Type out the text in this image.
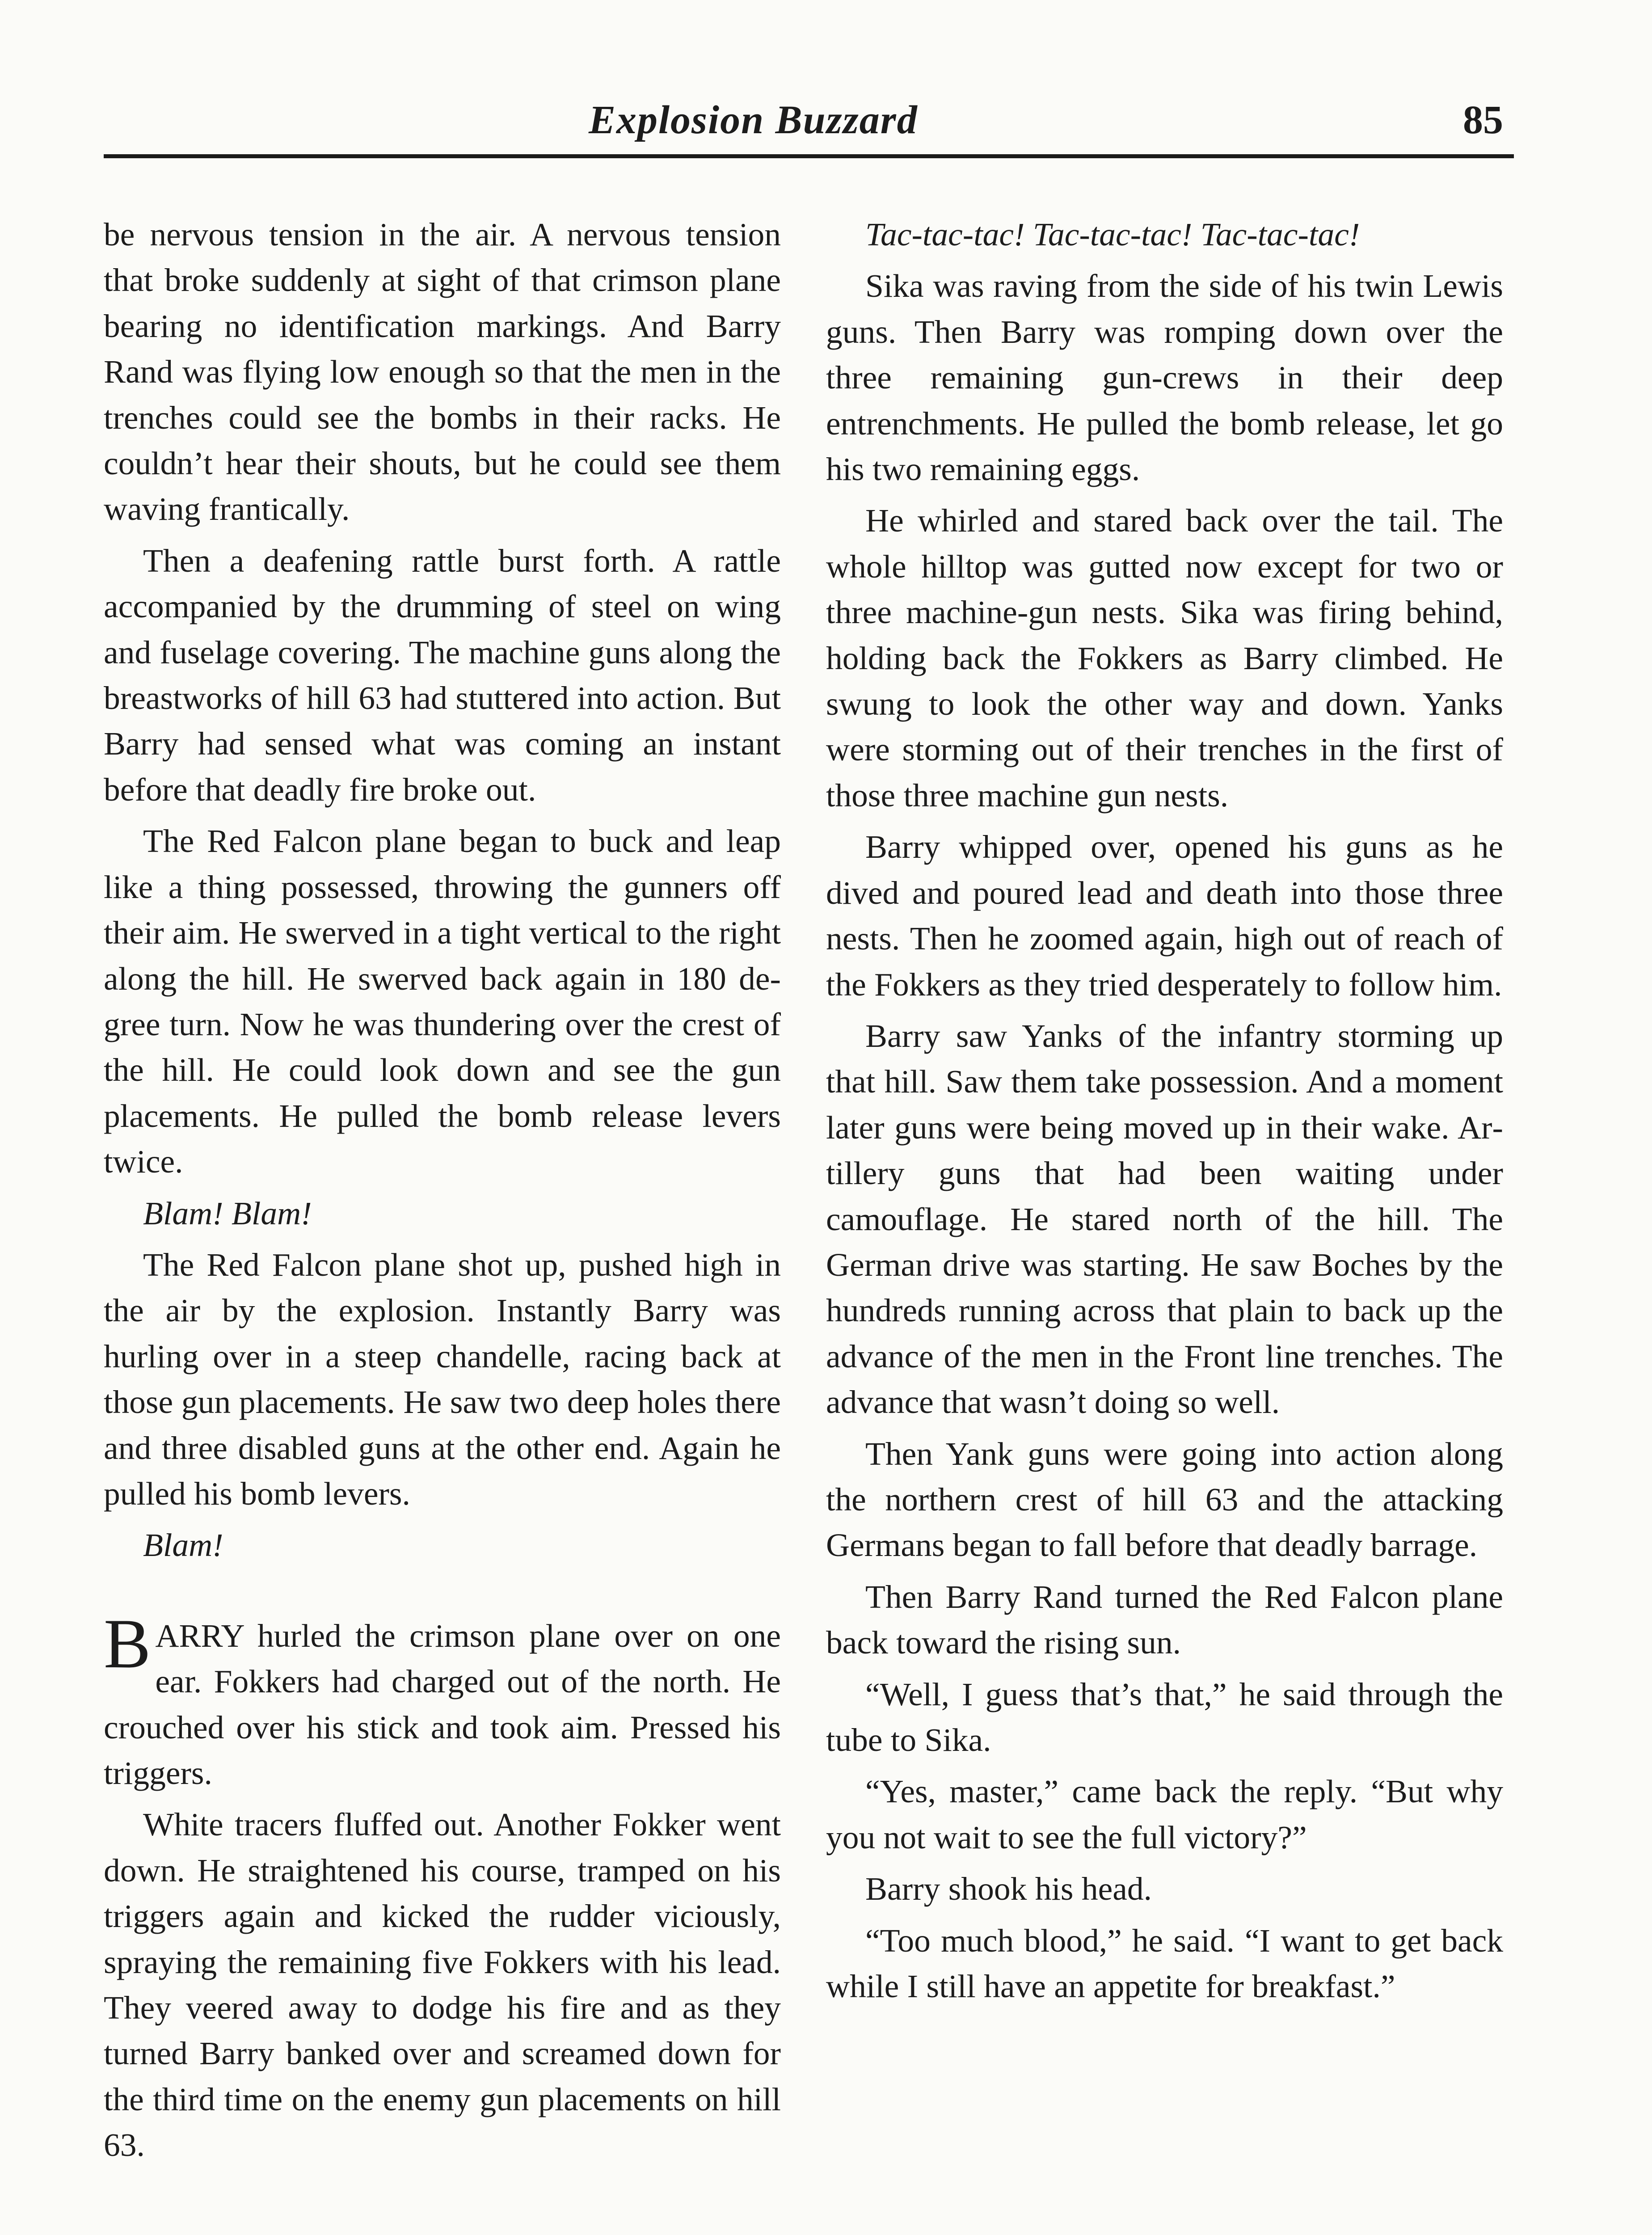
Explosion Buzzard	85

be nervous tension in the air. A nervous tension that broke suddenly at sight of that crimson plane bearing no identification markings. And Barry Rand was flying low enough so that the men in the trenches could see the bombs in their racks. He couldn’t hear their shouts, but he could see them waving frantically.

Then a deafening rattle burst forth. A rattle accompanied by the drumming of steel on wing and fuselage covering. The machine guns along the breastworks of hill 63 had stuttered into action. But Barry had sensed what was coming an instant before that deadly fire broke out.

The Red Falcon plane began to buck and leap like a thing possessed, throwing the gunners off their aim. He swerved in a tight vertical to the right along the hill. He swerved back again in 180 degree turn. Now he was thundering over the crest of the hill. He could look down and see the gun placements. He pulled the bomb release levers twice.

Blam! Blam!

The Red Falcon plane shot up, pushed high in the air by the explosion. Instantly Barry was hurling over in a steep chandelle, racing back at those gun placements. He saw two deep holes there and three disabled guns at the other end. Again he pulled his bomb levers.

Blam!

BARRY hurled the crimson plane over on one ear. Fokkers had charged out of the north. He crouched over his stick and took aim. Pressed his triggers.

White tracers fluffed out. Another Fokker went down. He straightened his course, tramped on his triggers again and kicked the rudder viciously, spraying the remaining five Fokkers with his lead. They veered away to dodge his fire and as they turned Barry banked over and screamed down for the third time on the enemy gun placements on hill 63.

Tac-tac-tac! Tac-tac-tac! Tac-tac-tac!

Sika was raving from the side of his twin Lewis guns. Then Barry was romping down over the three remaining gun-crews in their deep entrenchments. He pulled the bomb release, let go his two remaining eggs.

He whirled and stared back over the tail. The whole hilltop was gutted now except for two or three machine-gun nests. Sika was firing behind, holding back the Fokkers as Barry climbed. He swung to look the other way and down. Yanks were storming out of their trenches in the first of those three machine gun nests.

Barry whipped over, opened his guns as he dived and poured lead and death into those three nests. Then he zoomed again, high out of reach of the Fokkers as they tried desperately to follow him.

Barry saw Yanks of the infantry storming up that hill. Saw them take possession. And a moment later guns were being moved up in their wake. Artillery guns that had been waiting under camouflage. He stared north of the hill. The German drive was starting. He saw Boches by the hundreds running across that plain to back up the advance of the men in the Front line trenches. The advance that wasn’t doing so well.

Then Yank guns were going into action along the northern crest of hill 63 and the attacking Germans began to fall before that deadly barrage.

Then Barry Rand turned the Red Falcon plane back toward the rising sun.

“Well, I guess that’s that,” he said through the tube to Sika.

“Yes, master,” came back the reply. “But why you not wait to see the full victory?”

Barry shook his head.

“Too much blood,” he said. “I want to get back while I still have an appetite for breakfast.”
